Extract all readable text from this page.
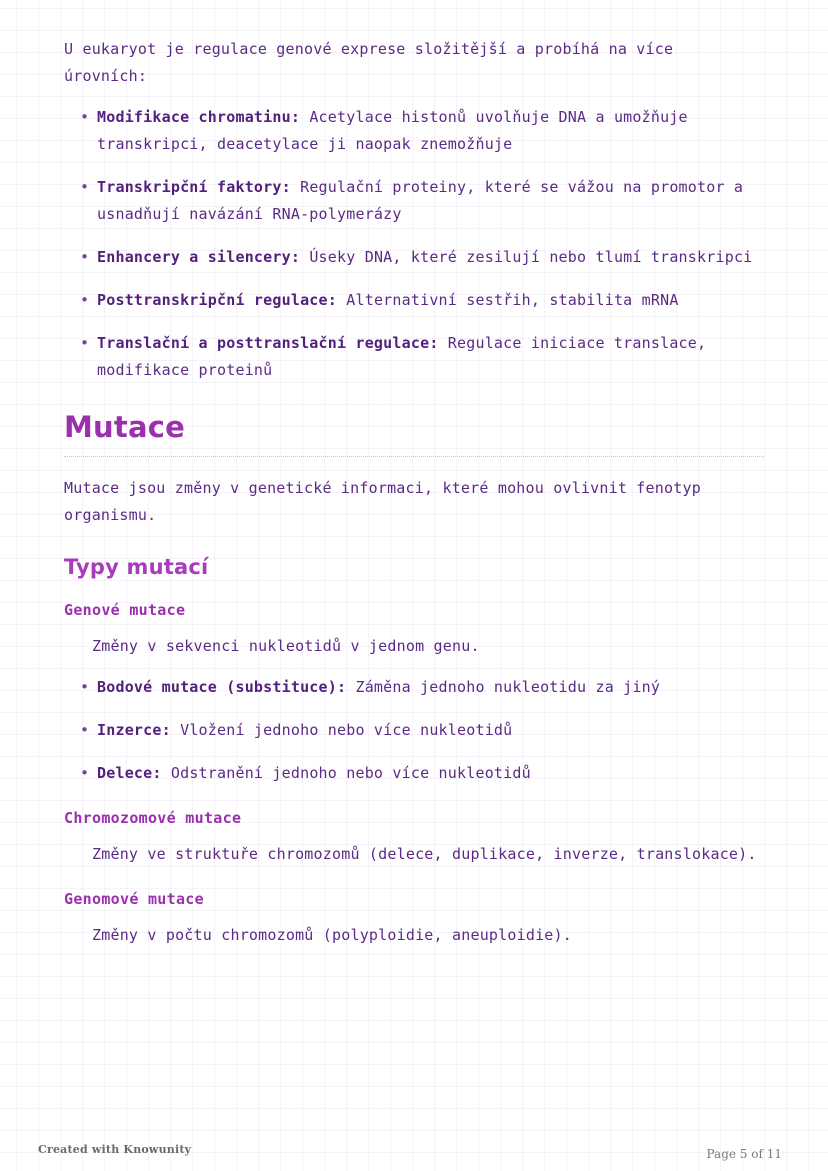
U eukaryot je regulace genové exprese složitější a probíhá na více úrovních:

• Modifikace chromatinu: Acetylace histonů uvolňuje DNA a umožňuje transkripci, deacetylace ji naopak znemožňuje
• Transkripční faktory: Regulační proteiny, které se vážou na promotor a usnadňují navázání RNA-polymerázy
• Enhancery a silencery: Úseky DNA, které zesilují nebo tlumí transkripci
• Posttranskripční regulace: Alternativní sestřih, stabilita mRNA
• Translační a posttranslační regulace: Regulace iniciace translace, modifikace proteinů
Mutace

Mutace jsou změny v genetické informaci, které mohou ovlivnit fenotyp organismu.

Typy mutací
Genové mutace

Změny v sekvenci nukleotidů v jednom genu.

• Bodové mutace (substituce): Záměna jednoho nukleotidu za jiný
• Inzerce: Vložení jednoho nebo více nukleotidů
• Delece: Odstranění jednoho nebo více nukleotidů
Chromozomové mutace

Změny ve struktuře chromozomů (delece, duplikace, inverze, translokace).

Genomové mutace

Změny v počtu chromozomů (polyploidie, aneuploidie).

Created with Knowunity	Page 5 of 11
